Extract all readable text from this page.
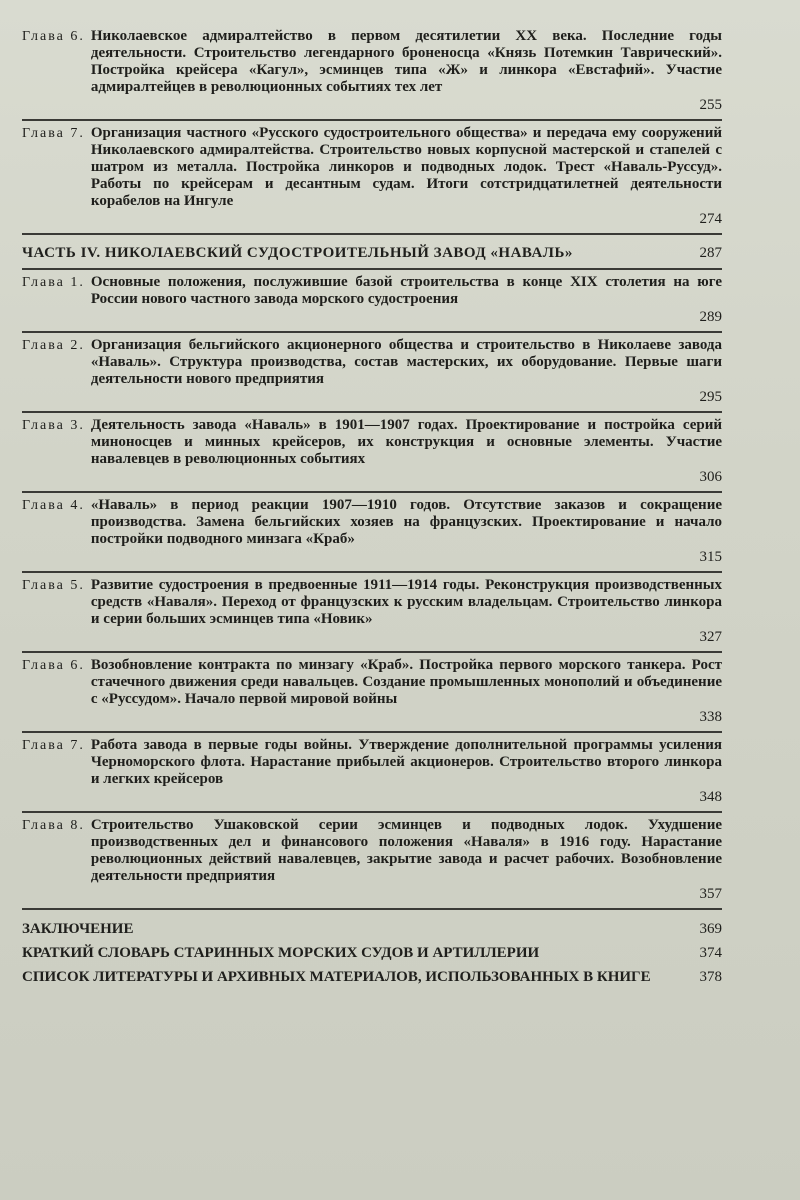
Глава 6. Николаевское адмиралтейство в первом десятилетии XX века. Последние годы деятельности. Строительство легендарного броненосца «Князь Потемкин Таврический». Постройка крейсера «Кагул», эсминцев типа «Ж» и линкора «Евстафий». Участие адмиралтейцев в революционных событиях тех лет
255
Глава 7. Организация частного «Русского судостроительного общества» и передача ему сооружений Николаевского адмиралтейства. Строительство новых корпусной мастерской и стапелей с шатром из металла. Постройка линкоров и подводных лодок. Трест «Наваль-Руссуд». Работы по крейсерам и десантным судам. Итоги сотстридцатилетней деятельности корабелов на Ингуле
274
ЧАСТЬ IV. НИКОЛАЕВСКИЙ СУДОСТРОИТЕЛЬНЫЙ ЗАВОД «НАВАЛЬ»	287
Глава 1. Основные положения, послужившие базой строительства в конце XIX столетия на юге России нового частного завода морского судостроения
289
Глава 2. Организация бельгийского акционерного общества и строительство в Николаеве завода «Наваль». Структура производства, состав мастерских, их оборудование. Первые шаги деятельности нового предприятия
295
Глава 3. Деятельность завода «Наваль» в 1901—1907 годах. Проектирование и постройка серий миноносцев и минных крейсеров, их конструкция и основные элементы. Участие навалевцев в революционных событиях
306
Глава 4. «Наваль» в период реакции 1907—1910 годов. Отсутствие заказов и сокращение производства. Замена бельгийских хозяев на французских. Проектирование и начало постройки подводного минзага «Краб»
315
Глава 5. Развитие судостроения в предвоенные 1911—1914 годы. Реконструкция производственных средств «Наваля». Переход от французских к русским владельцам. Строительство линкора и серии больших эсминцев типа «Новик»
327
Глава 6. Возобновление контракта по минзагу «Краб». Постройка первого морского танкера. Рост стачечного движения среди навальцев. Создание промышленных монополий и объединение с «Руссудом». Начало первой мировой войны
338
Глава 7. Работа завода в первые годы войны. Утверждение дополнительной программы усиления Черноморского флота. Нарастание прибылей акционеров. Строительство второго линкора и легких крейсеров
348
Глава 8. Строительство Ушаковской серии эсминцев и подводных лодок. Ухудшение производственных дел и финансового положения «Наваля» в 1916 году. Нарастание революционных действий навалевцев, закрытие завода и расчет рабочих. Возобновление деятельности предприятия
357
ЗАКЛЮЧЕНИЕ	369
КРАТКИЙ СЛОВАРЬ СТАРИННЫХ МОРСКИХ СУДОВ И АРТИЛЛЕРИИ	374
СПИСОК ЛИТЕРАТУРЫ И АРХИВНЫХ МАТЕРИАЛОВ, ИСПОЛЬЗОВАННЫХ В КНИГЕ	378
